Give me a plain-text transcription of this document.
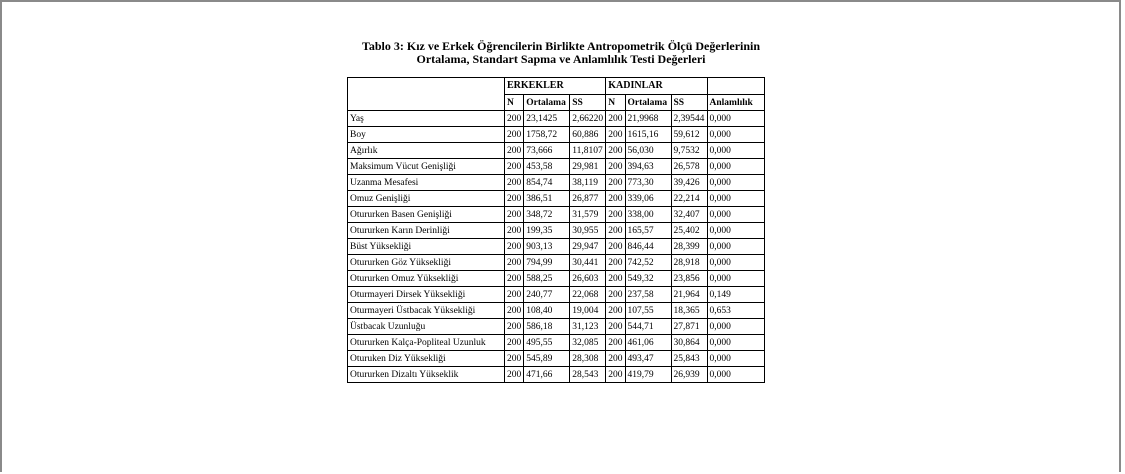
Tablo 3: Kız ve Erkek Öğrencilerin Birlikte Antropometrik Ölçü Değerlerinin
Ortalama, Standart Sapma ve Anlamlılık Testi Değerleri
	ERKEKLER			KADINLAR			
	N	Ortalama	SS	N	Ortalama	SS	Anlamlılık
Yaş	200	23,1425	2,66220	200	21,9968	2,39544	0,000
Boy	200	1758,72	60,886	200	1615,16	59,612	0,000
Ağırlık	200	73,666	11,8107	200	56,030	9,7532	0,000
Maksimum Vücut Genişliği	200	453,58	29,981	200	394,63	26,578	0,000
Uzanma Mesafesi	200	854,74	38,119	200	773,30	39,426	0,000
Omuz Genişliği	200	386,51	26,877	200	339,06	22,214	0,000
Otururken Basen Genişliği	200	348,72	31,579	200	338,00	32,407	0,000
Otururken Karın Derinliği	200	199,35	30,955	200	165,57	25,402	0,000
Büst Yüksekliği	200	903,13	29,947	200	846,44	28,399	0,000
Otururken Göz Yüksekliği	200	794,99	30,441	200	742,52	28,918	0,000
Otururken Omuz Yüksekliği	200	588,25	26,603	200	549,32	23,856	0,000
Oturmayeri Dirsek Yüksekliği	200	240,77	22,068	200	237,58	21,964	0,149
Oturmayeri Üstbacak Yüksekliği	200	108,40	19,004	200	107,55	18,365	0,653
Üstbacak Uzunluğu	200	586,18	31,123	200	544,71	27,871	0,000
Otururken Kalça-Popliteal Uzunluk	200	495,55	32,085	200	461,06	30,864	0,000
Oturuken Diz Yüksekliği	200	545,89	28,308	200	493,47	25,843	0,000
Otururken Dizaltı Yükseklik	200	471,66	28,543	200	419,79	26,939	0,000
